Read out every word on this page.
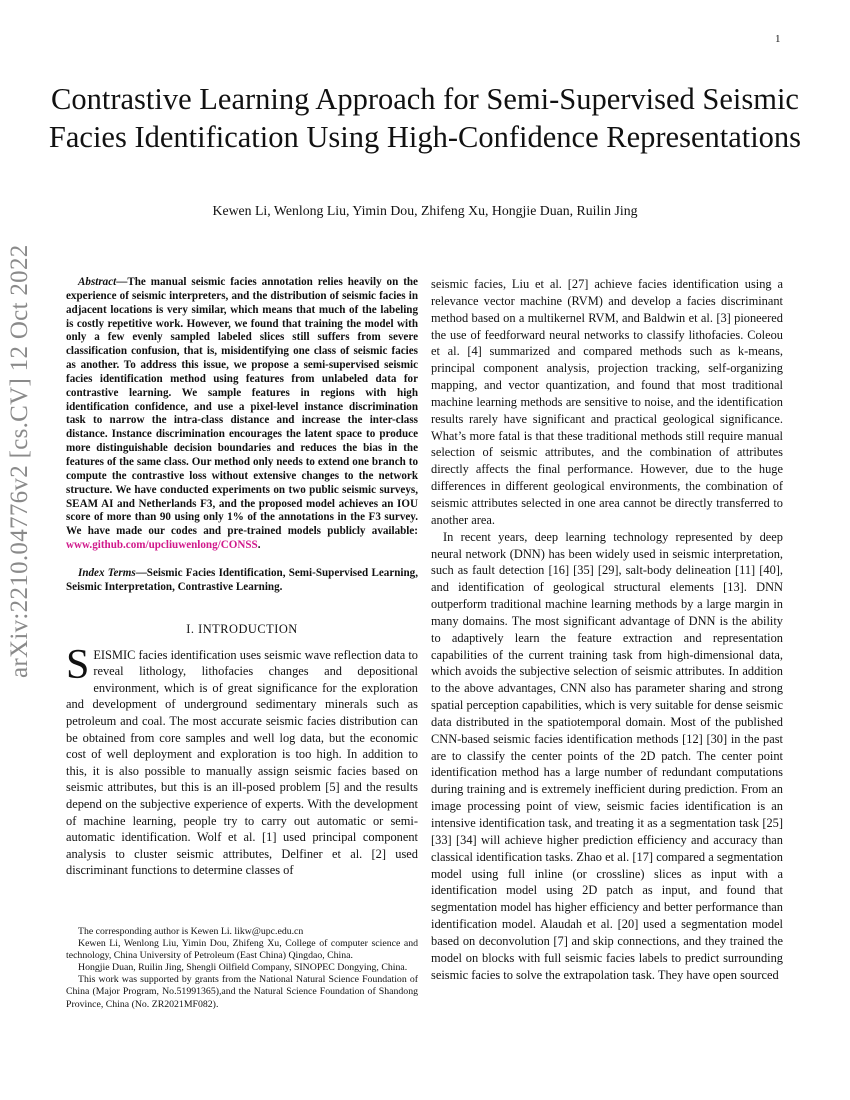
1
arXiv:2210.04776v2 [cs.CV] 12 Oct 2022
Contrastive Learning Approach for Semi-Supervised Seismic Facies Identification Using High-Confidence Representations
Kewen Li, Wenlong Liu, Yimin Dou, Zhifeng Xu, Hongjie Duan, Ruilin Jing

Abstract—The manual seismic facies annotation relies heavily on the experience of seismic interpreters, and the distribution of seismic facies in adjacent locations is very similar, which means that much of the labeling is costly repetitive work. However, we found that training the model with only a few evenly sampled labeled slices still suffers from severe classification confusion, that is, misidentifying one class of seismic facies as another. To address this issue, we propose a semi-supervised seismic facies identification method using features from unlabeled data for contrastive learning. We sample features in regions with high identification confidence, and use a pixel-level instance discrimination task to narrow the intra-class distance and increase the inter-class distance. Instance discrimination encourages the latent space to produce more distinguishable decision boundaries and reduces the bias in the features of the same class. Our method only needs to extend one branch to compute the contrastive loss without extensive changes to the network structure. We have conducted experiments on two public seismic surveys, SEAM AI and Netherlands F3, and the proposed model achieves an IOU score of more than 90 using only 1% of the annotations in the F3 survey. We have made our codes and pre-trained models publicly available: www.github.com/upcliuwenlong/CONSS.

Index Terms—Seismic Facies Identification, Semi-Supervised Learning, Seismic Interpretation, Contrastive Learning.

I. INTRODUCTION

SEISMIC facies identification uses seismic wave reflection data to reveal lithology, lithofacies changes and depositional environment, which is of great significance for the exploration and development of underground sedimentary minerals such as petroleum and coal. The most accurate seismic facies distribution can be obtained from core samples and well log data, but the economic cost of well deployment and exploration is too high. In addition to this, it is also possible to manually assign seismic facies based on seismic attributes, but this is an ill-posed problem [5] and the results depend on the subjective experience of experts. With the development of machine learning, people try to carry out automatic or semi-automatic identification. Wolf et al. [1] used principal component analysis to cluster seismic attributes, Delfiner et al. [2] used discriminant functions to determine classes of

The corresponding author is Kewen Li. likw@upc.edu.cn

Kewen Li, Wenlong Liu, Yimin Dou, Zhifeng Xu, College of computer science and technology, China University of Petroleum (East China) Qingdao, China.

Hongjie Duan, Ruilin Jing, Shengli Oilfield Company, SINOPEC Dongying, China.

This work was supported by grants from the National Natural Science Foundation of China (Major Program, No.51991365),and the Natural Science Foundation of Shandong Province, China (No. ZR2021MF082).

seismic facies, Liu et al. [27] achieve facies identification using a relevance vector machine (RVM) and develop a facies discriminant method based on a multikernel RVM, and Baldwin et al. [3] pioneered the use of feedforward neural networks to classify lithofacies. Coleou et al. [4] summarized and compared methods such as k-means, principal component analysis, projection tracking, self-organizing mapping, and vector quantization, and found that most traditional machine learning methods are sensitive to noise, and the identification results rarely have significant and practical geological significance. What’s more fatal is that these traditional methods still require manual selection of seismic attributes, and the combination of attributes directly affects the final performance. However, due to the huge differences in different geological environments, the combination of seismic attributes selected in one area cannot be directly transferred to another area.

In recent years, deep learning technology represented by deep neural network (DNN) has been widely used in seismic interpretation, such as fault detection [16] [35] [29], salt-body delineation [11] [40], and identification of geological structural elements [13]. DNN outperform traditional machine learning methods by a large margin in many domains. The most significant advantage of DNN is the ability to adaptively learn the feature extraction and representation capabilities of the current training task from high-dimensional data, which avoids the subjective selection of seismic attributes. In addition to the above advantages, CNN also has parameter sharing and strong spatial perception capabilities, which is very suitable for dense seismic data distributed in the spatiotemporal domain. Most of the published CNN-based seismic facies identification methods [12] [30] in the past are to classify the center points of the 2D patch. The center point identification method has a large number of redundant computations during training and is extremely inefficient during prediction. From an image processing point of view, seismic facies identification is an intensive identification task, and treating it as a segmentation task [25] [33] [34] will achieve higher prediction efficiency and accuracy than classical identification tasks. Zhao et al. [17] compared a segmentation model using full inline (or crossline) slices as input with a identification model using 2D patch as input, and found that segmentation model has higher efficiency and better performance than identification model. Alaudah et al. [20] used a segmentation model based on deconvolution [7] and skip connections, and they trained the model on blocks with full seismic facies labels to predict surrounding seismic facies to solve the extrapolation task. They have open sourced
